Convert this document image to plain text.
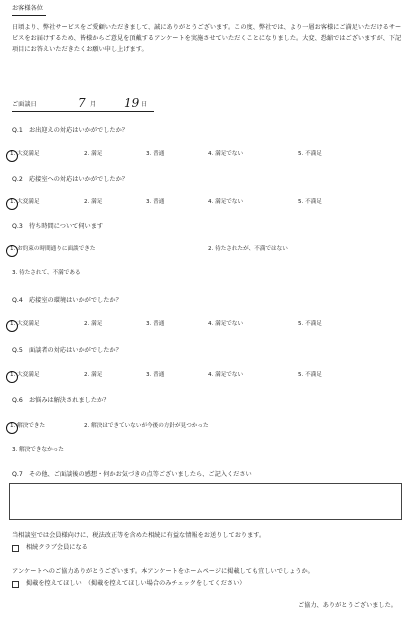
お客様各位
日頃より、弊社サービスをご愛顧いただきまして、誠にありがとうございます。この度、弊社では、より一層お客様にご満足いただけるサービスをお届けするため、皆様からご意見を頂戴するアンケートを実施させていただくことになりました。大変、恐縮ではございますが、下記項目にお答えいただきたくお願い申し上げます。
ご面談日	7 月 19 日
Q.1　お出迎えの対応はいかがでしたか？
1. 大変満足	2. 満足	3. 普通	4. 満足でない	5. 不満足
Q.2　応接室への対応はいかがでしたか？
1. 大変満足	2. 満足	3. 普通	4. 満足でない	5. 不満足
Q.3　待ち時間について伺います
1. お約束の時間通りに面談できた	2. 待たされたが、不満ではない
3. 待たされて、不満である
Q.4　応接室の環境はいかがでしたか？
1. 大変満足	2. 満足	3. 普通	4. 満足でない	5. 不満足
Q.5　面談者の対応はいかがでしたか？
1. 大変満足	2. 満足	3. 普通	4. 満足でない	5. 不満足
Q.6　お悩みは解決されましたか？
1. 解決できた	2. 解決はできていないが今後の方針が見つかった
3. 解決できなかった
Q.7　その他、ご面談後の感想・何かお気づきの点等ございましたら、ご記入ください
当相談室では会員様向けに、税法改正等を含めた相続に有益な情報をお送りしております。
相続クラブ会員になる
アンケートへのご協力ありがとうございます。本アンケートをホームページに掲載しても宜しいでしょうか。
掲載を控えてほしい　（掲載を控えてほしい場合のみチェックをしてください）
ご協力、ありがとうございました。
